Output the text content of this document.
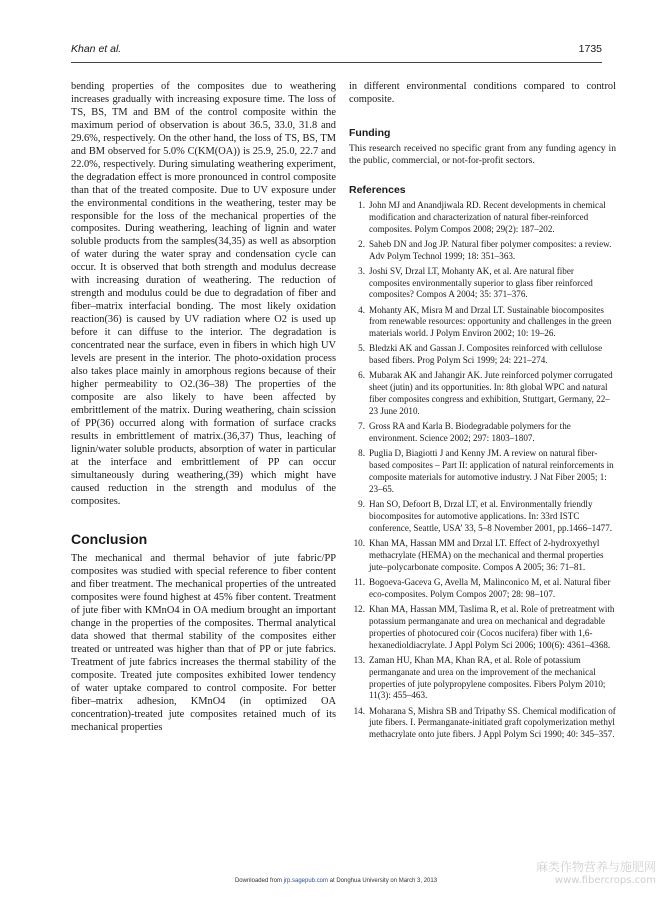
Khan et al.	1735

bending properties of the composites due to weathering increases gradually with increasing exposure time. The loss of TS, BS, TM and BM of the control composite within the maximum period of observation is about 36.5, 33.0, 31.8 and 29.6%, respectively. On the other hand, the loss of TS, BS, TM and BM observed for 5.0% C(KM(OA)) is 25.9, 25.0, 22.7 and 22.0%, respectively. During simulating weathering experiment, the degradation effect is more pronounced in control composite than that of the treated composite. Due to UV exposure under the environmental conditions in the weathering, tester may be responsible for the loss of the mechanical properties of the composites. During weathering, leaching of lignin and water soluble products from the samples(34,35) as well as absorption of water during the water spray and condensation cycle can occur. It is observed that both strength and modulus decrease with increasing duration of weathering. The reduction of strength and modulus could be due to degradation of fiber and fiber–matrix interfacial bonding. The most likely oxidation reaction(36) is caused by UV radiation where O2 is used up before it can diffuse to the interior. The degradation is concentrated near the surface, even in fibers in which high UV levels are present in the interior. The photo-oxidation process also takes place mainly in amorphous regions because of their higher permeability to O2.(36–38) The properties of the composite are also likely to have been affected by embrittlement of the matrix. During weathering, chain scission of PP(36) occurred along with formation of surface cracks results in embrittlement of matrix.(36,37) Thus, leaching of lignin/water soluble products, absorption of water in particular at the interface and embrittlement of PP can occur simultaneously during weathering,(39) which might have caused reduction in the strength and modulus of the composites.

Conclusion

The mechanical and thermal behavior of jute fabric/PP composites was studied with special reference to fiber content and fiber treatment. The mechanical properties of the untreated composites were found highest at 45% fiber content. Treatment of jute fiber with KMnO4 in OA medium brought an important change in the properties of the composites. Thermal analytical data showed that thermal stability of the composites either treated or untreated was higher than that of PP or jute fabrics. Treatment of jute fabrics increases the thermal stability of the composite. Treated jute composites exhibited lower tendency of water uptake compared to control composite. For better fiber–matrix adhesion, KMnO4 (in optimized OA concentration)-treated jute composites retained much of its mechanical properties

in different environmental conditions compared to control composite.

Funding

This research received no specific grant from any funding agency in the public, commercial, or not-for-profit sectors.

References
1. John MJ and Anandjiwala RD. Recent developments in chemical modification and characterization of natural fiber-reinforced composites. Polym Compos 2008; 29(2): 187–202.
2. Saheb DN and Jog JP. Natural fiber polymer composites: a review. Adv Polym Technol 1999; 18: 351–363.
3. Joshi SV, Drzal LT, Mohanty AK, et al. Are natural fiber composites environmentally superior to glass fiber reinforced composites? Compos A 2004; 35: 371–376.
4. Mohanty AK, Misra M and Drzal LT. Sustainable biocomposites from renewable resources: opportunity and challenges in the green materials world. J Polym Environ 2002; 10: 19–26.
5. Bledzki AK and Gassan J. Composites reinforced with cellulose based fibers. Prog Polym Sci 1999; 24: 221–274.
6. Mubarak AK and Jahangir AK. Jute reinforced polymer corrugated sheet (jutin) and its opportunities. In: 8th global WPC and natural fiber composites congress and exhibition, Stuttgart, Germany, 22–23 June 2010.
7. Gross RA and Karla B. Biodegradable polymers for the environment. Science 2002; 297: 1803–1807.
8. Puglia D, Biagiotti J and Kenny JM. A review on natural fiber-based composites – Part II: application of natural reinforcements in composite materials for automotive industry. J Nat Fiber 2005; 1: 23–65.
9. Han SO, Defoort B, Drzal LT, et al. Environmentally friendly biocomposites for automotive applications. In: 33rd ISTC conference, Seattle, USA’ 33, 5–8 November 2001, pp.1466–1477.
10. Khan MA, Hassan MM and Drzal LT. Effect of 2-hydroxyethyl methacrylate (HEMA) on the mechanical and thermal properties jute–polycarbonate composite. Compos A 2005; 36: 71–81.
11. Bogoeva-Gaceva G, Avella M, Malinconico M, et al. Natural fiber eco-composites. Polym Compos 2007; 28: 98–107.
12. Khan MA, Hassan MM, Taslima R, et al. Role of pretreatment with potassium permanganate and urea on mechanical and degradable properties of photocured coir (Cocos nucifera) fiber with 1,6-hexanedioldiacrylate. J Appl Polym Sci 2006; 100(6): 4361–4368.
13. Zaman HU, Khan MA, Khan RA, et al. Role of potassium permanganate and urea on the improvement of the mechanical properties of jute polypropylene composites. Fibers Polym 2010; 11(3): 455–463.
14. Moharana S, Mishra SB and Tripathy SS. Chemical modification of jute fibers. I. Permanganate-initiated graft copolymerization methyl methacrylate onto jute fibers. J Appl Polym Sci 1990; 40: 345–357.
Downloaded from jrp.sagepub.com at Donghua University on March 3, 2013
麻类作物营养与施肥网
www.fibercrops.com
